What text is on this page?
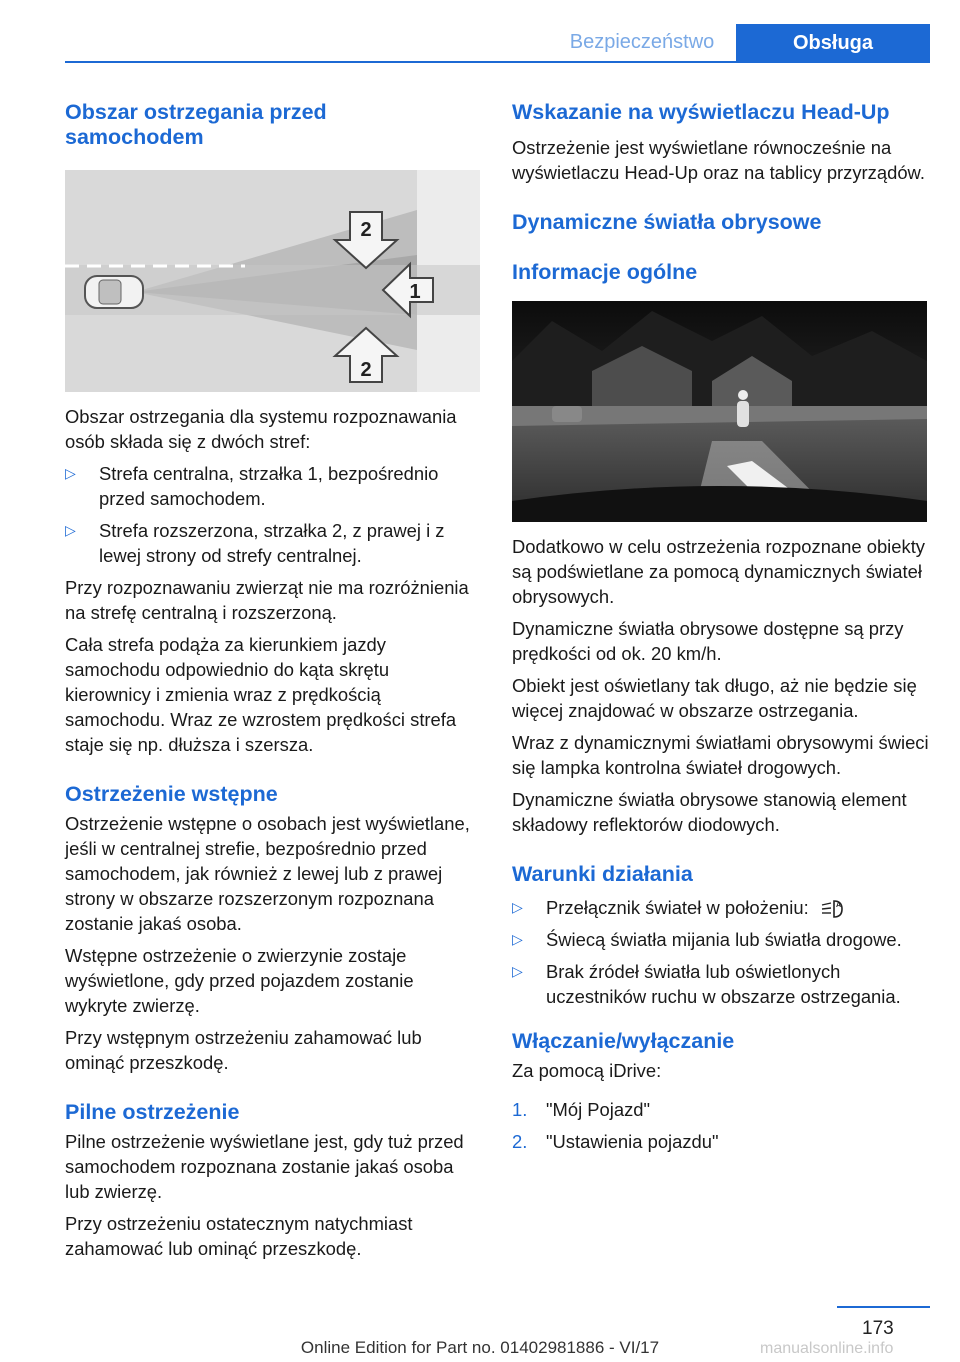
Bezpieczeństwo	Obsługa
Obszar ostrzegania przed samochodem
2
1
2

Obszar ostrzegania dla systemu rozpoznawania osób składa się z dwóch stref:

▷ Strefa centralna, strzałka 1, bezpośrednio przed samochodem.
▷ Strefa rozszerzona, strzałka 2, z prawej i z lewej strony od strefy centralnej.

Przy rozpoznawaniu zwierząt nie ma rozróżnienia na strefę centralną i rozszerzoną.

Cała strefa podąża za kierunkiem jazdy samochodu odpowiednio do kąta skrętu kierownicy i zmienia wraz z prędkością samochodu. Wraz ze wzrostem prędkości strefa staje się np. dłuższa i szersza.

Ostrzeżenie wstępne

Ostrzeżenie wstępne o osobach jest wyświetlane, jeśli w centralnej strefie, bezpośrednio przed samochodem, jak również z lewej lub z prawej strony w obszarze rozszerzonym rozpoznana zostanie jakaś osoba.

Wstępne ostrzeżenie o zwierzynie zostaje wyświetlone, gdy przed pojazdem zostanie wykryte zwierzę.

Przy wstępnym ostrzeżeniu zahamować lub ominąć przeszkodę.

Pilne ostrzeżenie

Pilne ostrzeżenie wyświetlane jest, gdy tuż przed samochodem rozpoznana zostanie jakaś osoba lub zwierzę.

Przy ostrzeżeniu ostatecznym natychmiast zahamować lub ominąć przeszkodę.

Wskazanie na wyświetlaczu Head-Up

Ostrzeżenie jest wyświetlane równocześnie na wyświetlaczu Head-Up oraz na tablicy przyrządów.

Dynamiczne światła obrysowe
Informacje ogólne

Dodatkowo w celu ostrzeżenia rozpoznane obiekty są podświetlane za pomocą dynamicznych świateł obrysowych.

Dynamiczne światła obrysowe dostępne są przy prędkości od ok. 20 km/h.

Obiekt jest oświetlany tak długo, aż nie będzie się więcej znajdować w obszarze ostrzegania.

Wraz z dynamicznymi światłami obrysowymi świeci się lampka kontrolna świateł drogowych.

Dynamiczne światła obrysowe stanowią element składowy reflektorów diodowych.

Warunki działania
▷ Przełącznik świateł w położeniu:	A
▷ Świecą światła mijania lub światła drogowe.
▷ Brak źródeł światła lub oświetlonych uczestników ruchu w obszarze ostrzegania.
Włączanie/wyłączanie

Za pomocą iDrive:

1. "Mój Pojazd"
2. "Ustawienia pojazdu"
173
Online Edition for Part no. 01402981886 - VI/17	manualsonline.info
